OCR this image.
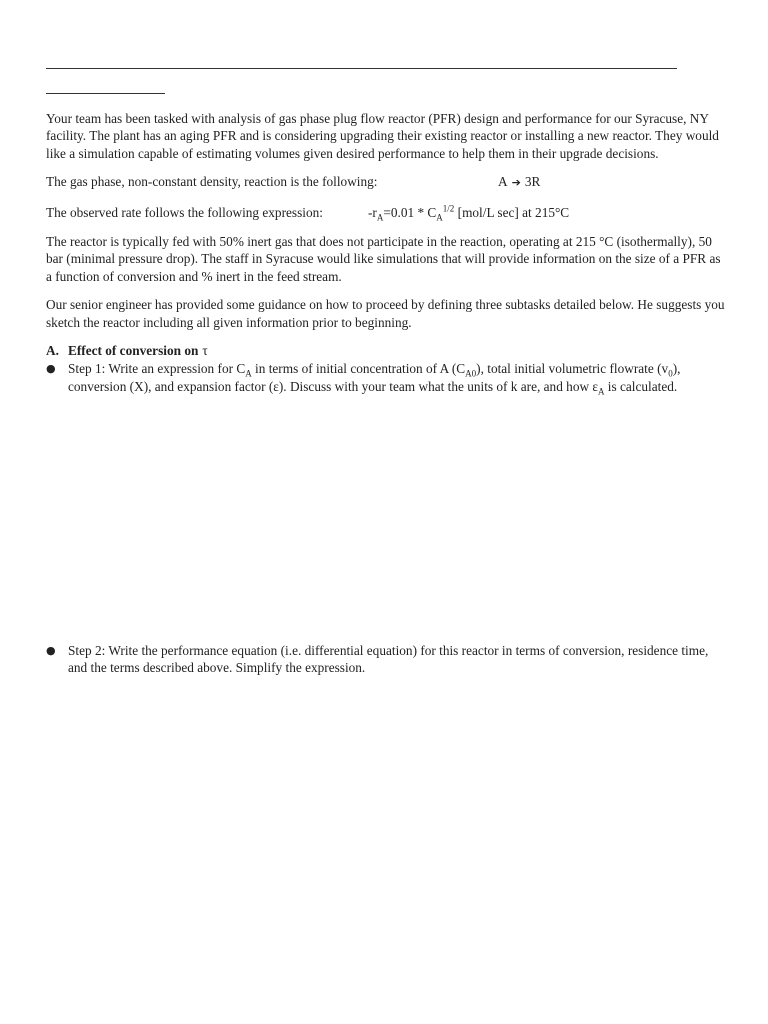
Your team has been tasked with analysis of gas phase plug flow reactor (PFR) design and performance for our Syracuse, NY facility. The plant has an aging PFR and is considering upgrading their existing reactor or installing a new reactor. They would like a simulation capable of estimating volumes given desired performance to help them in their upgrade decisions.

The gas phase, non-constant density, reaction is the following:	A ➔ 3R
The observed rate follows the following expression:	$-r_A=0.01 * C_A^{1/2}$ [mol/L sec] at 215°C

The reactor is typically fed with 50% inert gas that does not participate in the reaction, operating at 215 °C (isothermally), 50 bar (minimal pressure drop). The staff in Syracuse would like simulations that will provide information on the size of a PFR as a function of conversion and % inert in the feed stream.

Our senior engineer has provided some guidance on how to proceed by defining three subtasks detailed below. He suggests you sketch the reactor including all given information prior to beginning.

A. Effect of conversion on τ
● Step 1: Write an expression for $C_A$ in terms of initial concentration of A $(C_{A0})$, total initial volumetric flowrate $(v_0)$, conversion (X), and expansion factor (ε). Discuss with your team what the units of k are, and how $\varepsilon_A$ is calculated.
● Step 2: Write the performance equation (i.e. differential equation) for this reactor in terms of conversion, residence time, and the terms described above. Simplify the expression.
